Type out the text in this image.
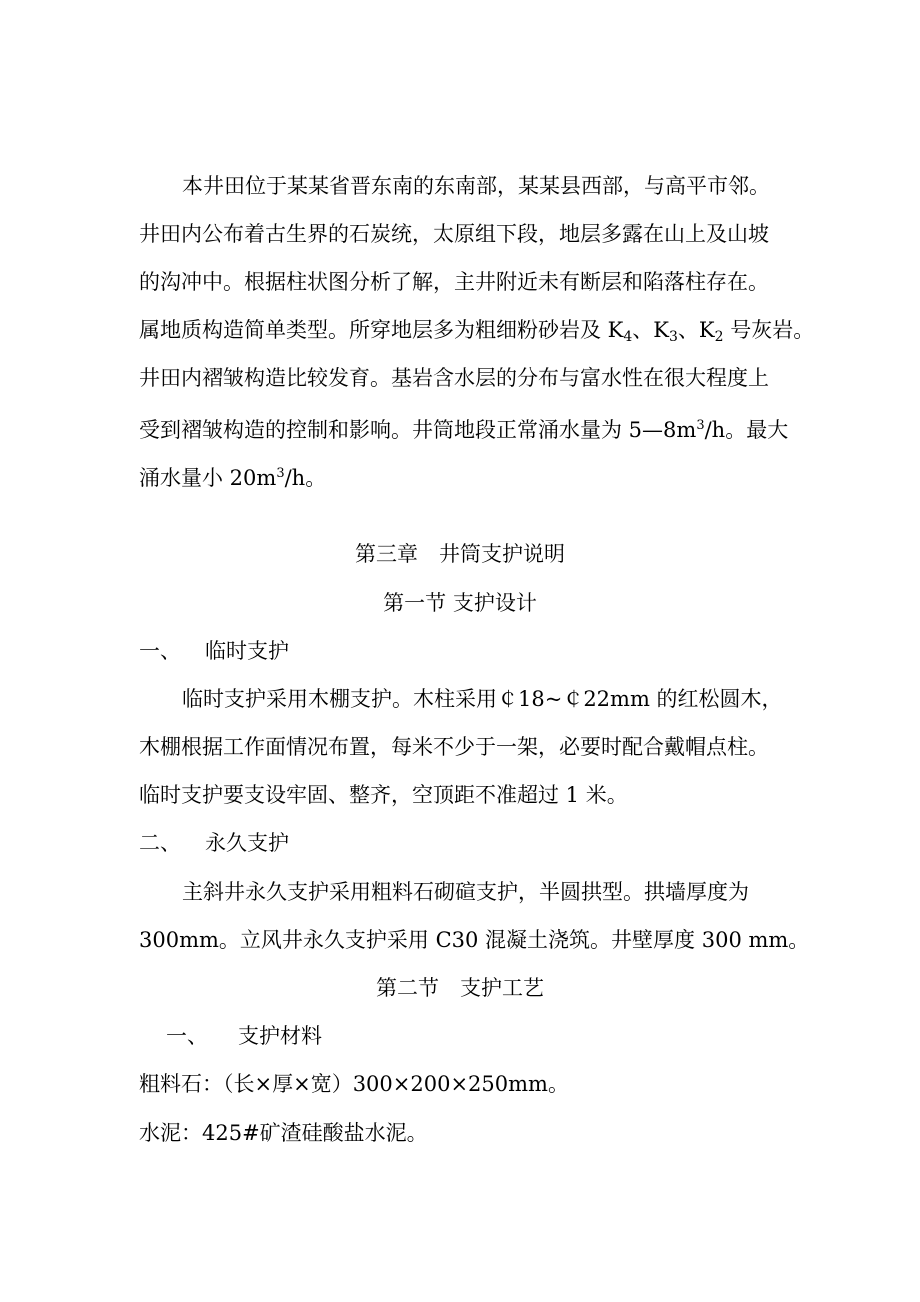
本井田位于某某省晋东南的东南部，某某县西部，与高平市邻。
井田内公布着古生界的石炭统，太原组下段，地层多露在山上及山坡
的沟冲中。根据柱状图分析了解，主井附近未有断层和陷落柱存在。
属地质构造简单类型。所穿地层多为粗细粉砂岩及 $K_4$、$K_3$、$K_2$ 号灰岩。
井田内褶皱构造比较发育。基岩含水层的分布与富水性在很大程度上
受到褶皱构造的控制和影响。井筒地段正常涌水量为 $5—8m^3/h$。最大
涌水量小 $20m^3/h$。
第三章　井筒支护说明
第一节 支护设计
一、 临时支护
临时支护采用木棚支护。木柱采用￠18~￠22mm 的红松圆木，
木棚根据工作面情况布置，每米不少于一架，必要时配合戴帽点柱。
临时支护要支设牢固、整齐，空顶距不准超过 1 米。
二、 永久支护
主斜井永久支护采用粗料石砌碹支护，半圆拱型。拱墙厚度为
300mm。立风井永久支护采用 C30 混凝土浇筑。井壁厚度 300 mm。
第二节　支护工艺
一、 支护材料
粗料石：（长×厚×宽）300×200×250mm。
水泥：425#矿渣硅酸盐水泥。
